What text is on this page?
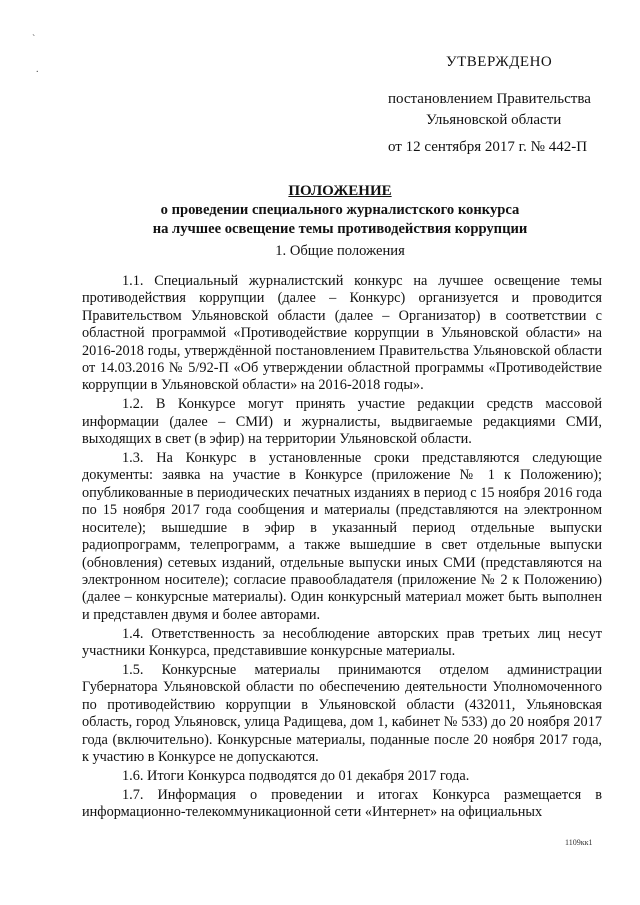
`
.	УТВЕРЖДЕНО
постановлением Правительства
Ульяновской области
от 12 сентября 2017 г. № 442-П
ПОЛОЖЕНИЕ
о проведении специального журналистского конкурса
на лучшее освещение темы противодействия коррупции
1. Общие положения

1.1. Специальный журналистский конкурс на лучшее освещение темы противодействия коррупции (далее – Конкурс) организуется и проводится Правительством Ульяновской области (далее – Организатор) в соответствии с областной программой «Противодействие коррупции в Ульяновской области» на 2016-2018 годы, утверждённой постановлением Правительства Ульяновской области от 14.03.2016 № 5/92-П «Об утверждении областной программы «Противодействие коррупции в Ульяновской области» на 2016-2018 годы».

1.2. В Конкурсе могут принять участие редакции средств массовой информации (далее – СМИ) и журналисты, выдвигаемые редакциями СМИ, выходящих в свет (в эфир) на территории Ульяновской области.

1.3. На Конкурс в установленные сроки представляются следующие документы: заявка на участие в Конкурсе (приложение № 1 к Положению); опубликованные в периодических печатных изданиях в период с 15 ноября 2016 года по 15 ноября 2017 года сообщения и материалы (представляются на электронном носителе); вышедшие в эфир в указанный период отдельные выпуски радиопрограмм, телепрограмм, а также вышедшие в свет отдельные выпуски (обновления) сетевых изданий, отдельные выпуски иных СМИ (представляются на электронном носителе); согласие правообладателя (приложение № 2 к Положению) (далее – конкурсные материалы). Один конкурсный материал может быть выполнен и представлен двумя и более авторами.

1.4. Ответственность за несоблюдение авторских прав третьих лиц несут участники Конкурса, представившие конкурсные материалы.

1.5. Конкурсные материалы принимаются отделом администрации Губернатора Ульяновской области по обеспечению деятельности Уполномоченного по противодействию коррупции в Ульяновской области (432011, Ульяновская область, город Ульяновск, улица Радищева, дом 1, кабинет № 533) до 20 ноября 2017 года (включительно). Конкурсные материалы, поданные после 20 ноября 2017 года, к участию в Конкурсе не допускаются.

1.6. Итоги Конкурса подводятся до 01 декабря 2017 года.

1.7. Информация о проведении и итогах Конкурса размещается в информационно-телекоммуникационной сети «Интернет» на официальных

1109кк1
